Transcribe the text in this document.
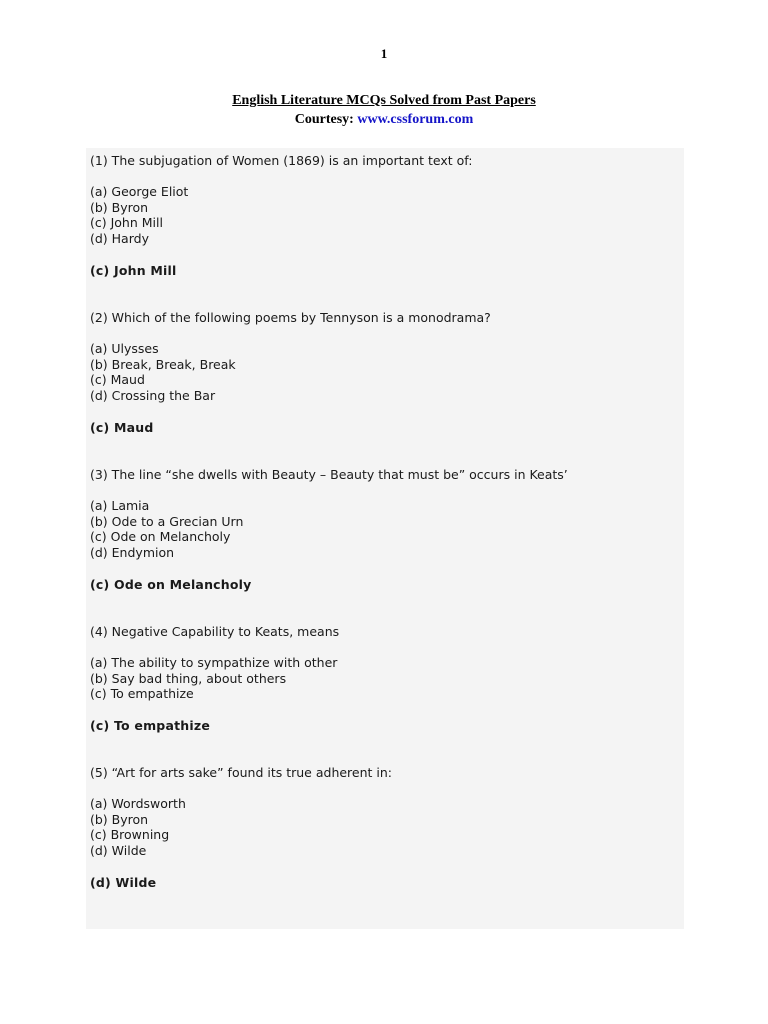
1
English Literature MCQs Solved from Past Papers
Courtesy: www.cssforum.com
(1) The subjugation of Women (1869) is an important text of:
(a) George Eliot
(b) Byron
(c) John Mill
(d) Hardy
(c) John Mill
(2) Which of the following poems by Tennyson is a monodrama?
(a) Ulysses
(b) Break, Break, Break
(c) Maud
(d) Crossing the Bar
(c) Maud
(3) The line “she dwells with Beauty – Beauty that must be” occurs in Keats’
(a) Lamia
(b) Ode to a Grecian Urn
(c) Ode on Melancholy
(d) Endymion
(c) Ode on Melancholy
(4) Negative Capability to Keats, means
(a) The ability to sympathize with other
(b) Say bad thing, about others
(c) To empathize
(c) To empathize
(5) “Art for arts sake” found its true adherent in:
(a) Wordsworth
(b) Byron
(c) Browning
(d) Wilde
(d) Wilde
